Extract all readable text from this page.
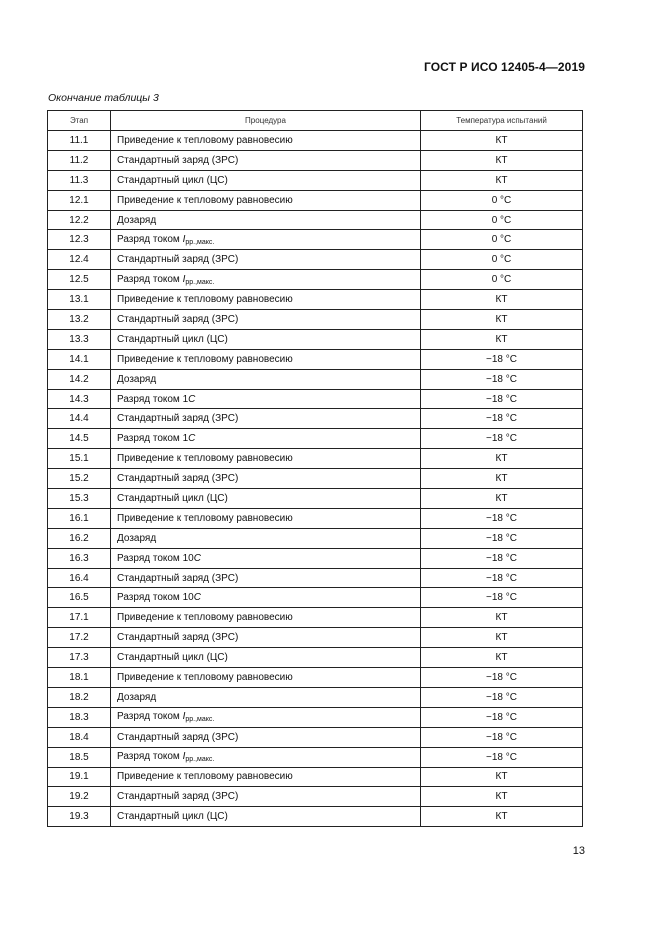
ГОСТ Р ИСО 12405-4—2019
Окончание таблицы 3
Этап	Процедура	Температура испытаний
11.1	Приведение к тепловому равновесию	КТ
11.2	Стандартный заряд (ЗРС)	КТ
11.3	Стандартный цикл (ЦС)	КТ
12.1	Приведение к тепловому равновесию	0 °С
12.2	Дозаряд	0 °С
12.3	Разряд током $I_{рр.,макс.}$	0 °С
12.4	Стандартный заряд (ЗРС)	0 °С
12.5	Разряд током $I_{рр.,макс.}$	0 °С
13.1	Приведение к тепловому равновесию	КТ
13.2	Стандартный заряд (ЗРС)	КТ
13.3	Стандартный цикл (ЦС)	КТ
14.1	Приведение к тепловому равновесию	−18 °С
14.2	Дозаряд	−18 °С
14.3	Разряд током 1C	−18 °С
14.4	Стандартный заряд (ЗРС)	−18 °С
14.5	Разряд током 1C	−18 °С
15.1	Приведение к тепловому равновесию	КТ
15.2	Стандартный заряд (ЗРС)	КТ
15.3	Стандартный цикл (ЦС)	КТ
16.1	Приведение к тепловому равновесию	−18 °С
16.2	Дозаряд	−18 °С
16.3	Разряд током 10C	−18 °С
16.4	Стандартный заряд (ЗРС)	−18 °С
16.5	Разряд током 10C	−18 °С
17.1	Приведение к тепловому равновесию	КТ
17.2	Стандартный заряд (ЗРС)	КТ
17.3	Стандартный цикл (ЦС)	КТ
18.1	Приведение к тепловому равновесию	−18 °С
18.2	Дозаряд	−18 °С
18.3	Разряд током $I_{рр.,макс.}$	−18 °С
18.4	Стандартный заряд (ЗРС)	−18 °С
18.5	Разряд током $I_{рр.,макс.}$	−18 °С
19.1	Приведение к тепловому равновесию	КТ
19.2	Стандартный заряд (ЗРС)	КТ
19.3	Стандартный цикл (ЦС)	КТ
13
